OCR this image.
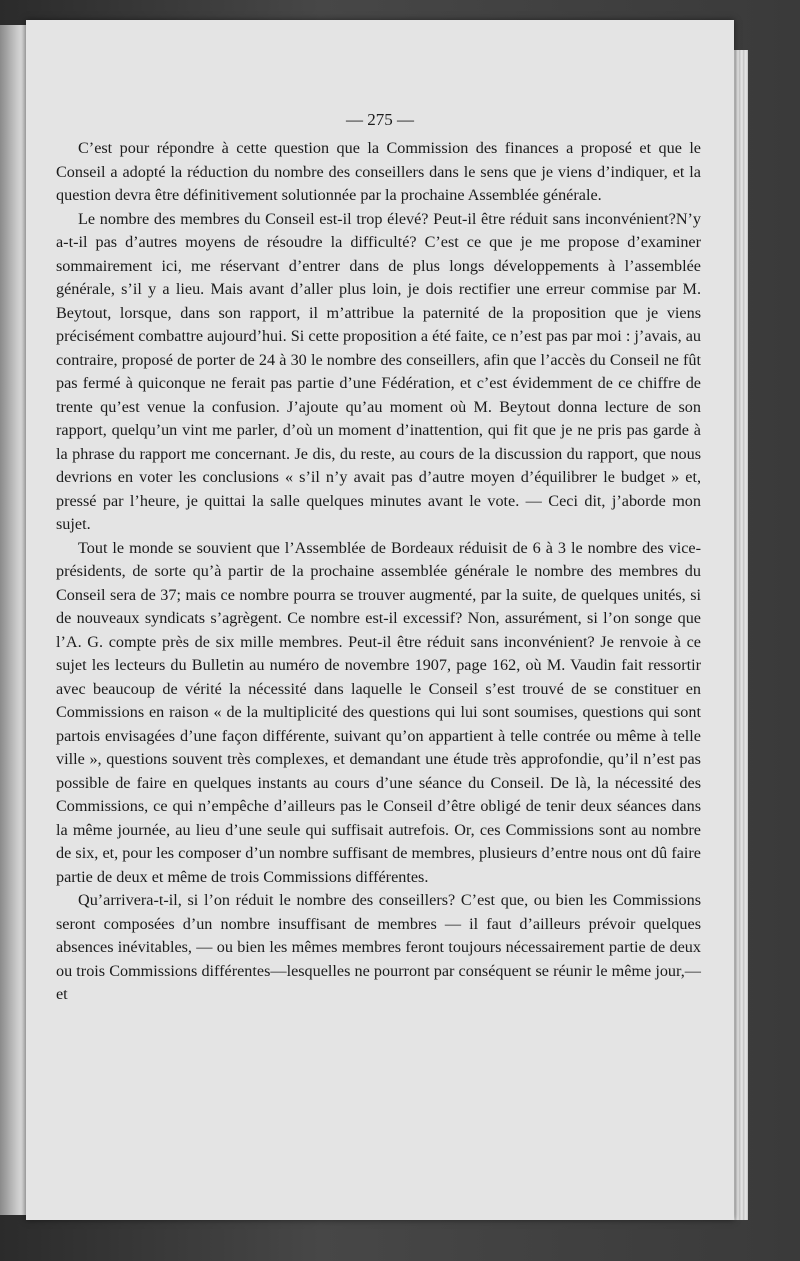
— 275 —

C’est pour répondre à cette question que la Commission des finances a proposé et que le Conseil a adopté la réduction du nombre des conseillers dans le sens que je viens d’indiquer, et la question devra être définitivement solutionnée par la prochaine Assemblée générale.

Le nombre des membres du Conseil est-il trop élevé? Peut-il être réduit sans inconvénient?N’y a-t-il pas d’autres moyens de résoudre la difficulté? C’est ce que je me propose d’examiner sommairement ici, me réservant d’entrer dans de plus longs développements à l’assemblée générale, s’il y a lieu. Mais avant d’aller plus loin, je dois rectifier une erreur commise par M. Beytout, lorsque, dans son rapport, il m’attribue la paternité de la proposition que je viens précisément combattre aujourd’hui. Si cette proposition a été faite, ce n’est pas par moi : j’avais, au contraire, proposé de porter de 24 à 30 le nombre des conseillers, afin que l’accès du Conseil ne fût pas fermé à quiconque ne ferait pas partie d’une Fédération, et c’est évidemment de ce chiffre de trente qu’est venue la confusion. J’ajoute qu’au moment où M. Beytout donna lecture de son rapport, quelqu’un vint me parler, d’où un moment d’inattention, qui fit que je ne pris pas garde à la phrase du rapport me concernant. Je dis, du reste, au cours de la discussion du rapport, que nous devrions en voter les conclusions « s’il n’y avait pas d’autre moyen d’équilibrer le budget » et, pressé par l’heure, je quittai la salle quelques minutes avant le vote. — Ceci dit, j’aborde mon sujet.

Tout le monde se souvient que l’Assemblée de Bordeaux réduisit de 6 à 3 le nombre des vice-présidents, de sorte qu’à partir de la prochaine assemblée générale le nombre des membres du Conseil sera de 37; mais ce nombre pourra se trouver augmenté, par la suite, de quelques unités, si de nouveaux syndicats s’agrègent. Ce nombre est-il excessif? Non, assurément, si l’on songe que l’A. G. compte près de six mille membres. Peut-il être réduit sans inconvénient? Je renvoie à ce sujet les lecteurs du Bulletin au numéro de novembre 1907, page 162, où M. Vaudin fait ressortir avec beaucoup de vérité la nécessité dans laquelle le Conseil s’est trouvé de se constituer en Commissions en raison « de la multiplicité des questions qui lui sont soumises, questions qui sont partois envisagées d’une façon différente, suivant qu’on appartient à telle contrée ou même à telle ville », questions souvent très complexes, et demandant une étude très approfondie, qu’il n’est pas possible de faire en quelques instants au cours d’une séance du Conseil. De là, la nécessité des Commissions, ce qui n’empêche d’ailleurs pas le Conseil d’être obligé de tenir deux séances dans la même journée, au lieu d’une seule qui suffisait autrefois. Or, ces Commissions sont au nombre de six, et, pour les composer d’un nombre suffisant de membres, plusieurs d’entre nous ont dû faire partie de deux et même de trois Commissions différentes.

Qu’arrivera-t-il, si l’on réduit le nombre des conseillers? C’est que, ou bien les Commissions seront composées d’un nombre insuffisant de membres — il faut d’ailleurs prévoir quelques absences inévitables, — ou bien les mêmes membres feront toujours nécessairement partie de deux ou trois Commissions différentes—lesquelles ne pourront par conséquent se réunir le même jour,— et
